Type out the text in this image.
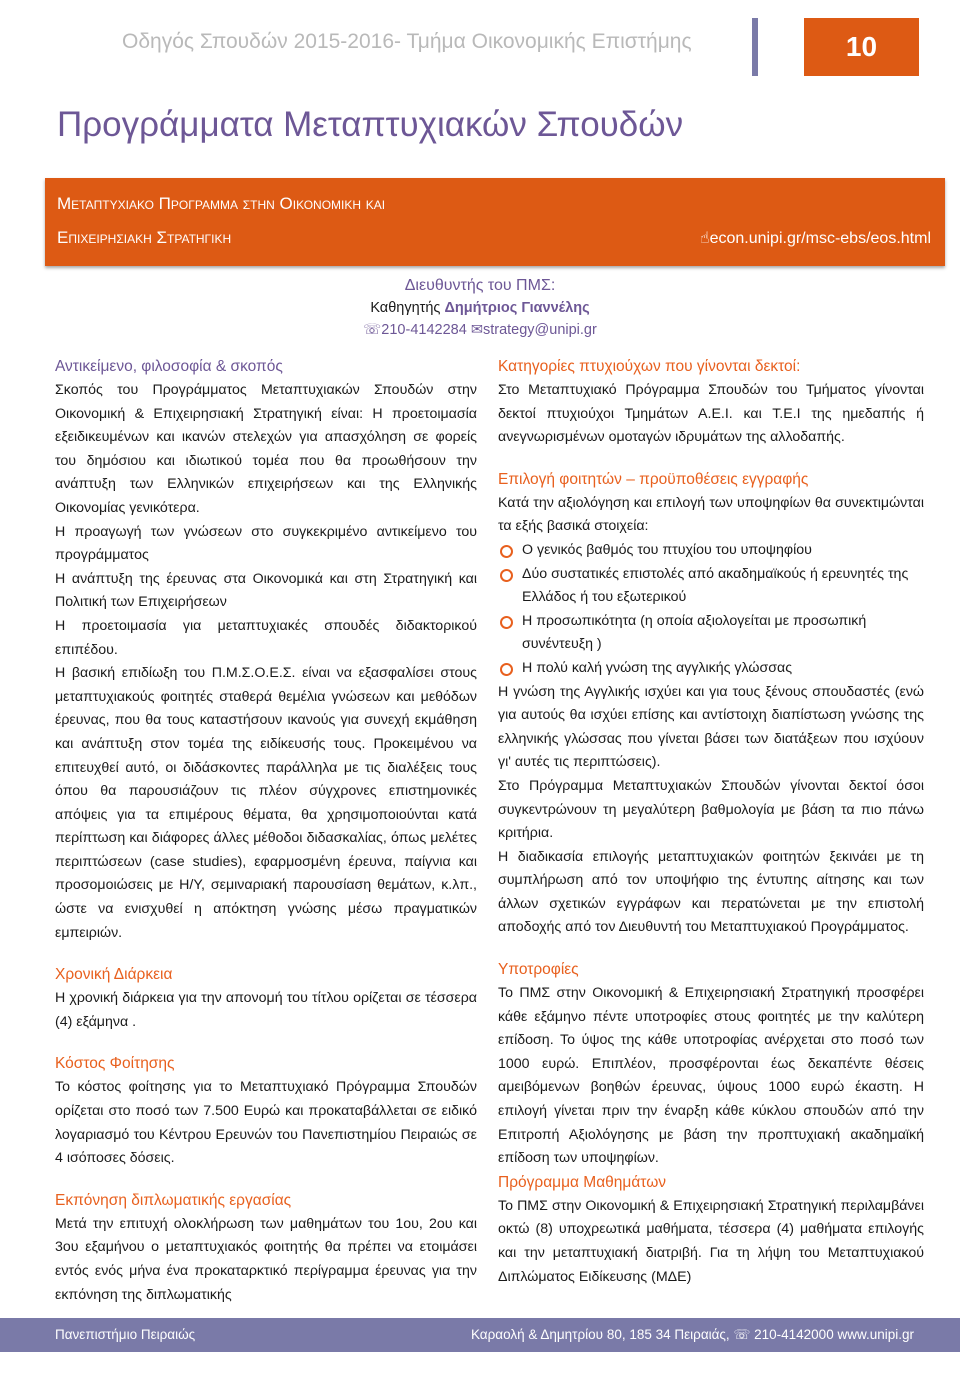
Οδηγός Σπουδών 2015-2016- Τμήμα Οικονομικής Επιστήμης	10
Προγράμματα Μεταπτυχιακών Σπουδών
Μεταπτυχιακο Προγραμμα στην Οικονομικη και
Επιχειρησιακη Στρατηγικη	☝econ.unipi.gr/msc-ebs/eos.html
Διευθυντής του ΠΜΣ:
Καθηγητής Δημήτριος Γιαννέλης
☏210-4142284 ✉strategy@unipi.gr
Αντικείμενο, φιλοσοφία & σκοπός
Σκοπός του Προγράμματος Μεταπτυχιακών Σπουδών στην Οικονομική & Επιχειρησιακή Στρατηγική είναι: Η προετοιμασία εξειδικευμένων και ικανών στελεχών για απασχόληση σε φορείς του δημόσιου και ιδιωτικού τομέα που θα προωθήσουν την ανάπτυξη των Ελληνικών επιχειρήσεων και της Ελληνικής Οικονομίας γενικότερα.
Η προαγωγή των γνώσεων στο συγκεκριμένο αντικείμενο του προγράμματος
Η ανάπτυξη της έρευνας στα Οικονομικά και στη Στρατηγική και Πολιτική των Επιχειρήσεων
Η προετοιμασία για μεταπτυχιακές σπουδές διδακτορικού επιπέδου.
Η βασική επιδίωξη του Π.Μ.Σ.Ο.Ε.Σ. είναι να εξασφαλίσει στους μεταπτυχιακούς φοιτητές σταθερά θεμέλια γνώσεων και μεθόδων έρευνας, που θα τους καταστήσουν ικανούς για συνεχή εκμάθηση και ανάπτυξη στον τομέα της ειδίκευσής τους. Προκειμένου να επιτευχθεί αυτό, οι διδάσκοντες παράλληλα με τις διαλέξεις τους όπου θα παρουσιάζουν τις πλέον σύγχρονες επιστημονικές απόψεις για τα επιμέρους θέματα, θα χρησιμοποιούνται κατά περίπτωση και διάφορες άλλες μέθοδοι διδασκαλίας, όπως μελέτες περιπτώσεων (case studies), εφαρμοσμένη έρευνα, παίγνια και προσομοιώσεις με Η/Υ, σεμιναριακή παρουσίαση θεμάτων, κ.λπ., ώστε να ενισχυθεί η απόκτηση γνώσης μέσω πραγματικών εμπειριών.
Χρονική Διάρκεια
Η χρονική διάρκεια για την απονομή του τίτλου ορίζεται σε τέσσερα (4) εξάμηνα .
Κόστος Φοίτησης
Το κόστος φοίτησης για το Μεταπτυχιακό Πρόγραμμα Σπουδών ορίζεται στο ποσό των 7.500 Ευρώ και προκαταβάλλεται σε ειδικό λογαριασμό του Κέντρου Ερευνών του Πανεπιστημίου Πειραιώς σε 4 ισόποσες δόσεις.
Εκπόνηση διπλωματικής εργασίας
Μετά την επιτυχή ολοκλήρωση των μαθημάτων του 1ου, 2ου και 3ου εξαμήνου ο μεταπτυχιακός φοιτητής θα πρέπει να ετοιμάσει εντός ενός μήνα ένα προκαταρκτικό περίγραμμα έρευνας για την εκπόνηση της διπλωματικής
Κατηγορίες πτυχιούχων που γίνονται δεκτοί:
Στο Μεταπτυχιακό Πρόγραμμα Σπουδών του Τμήματος γίνονται δεκτοί πτυχιούχοι Τμημάτων Α.Ε.Ι. και Τ.Ε.Ι της ημεδαπής ή ανεγνωρισμένων ομοταγών ιδρυμάτων της αλλοδαπής.
Επιλογή φοιτητών – προϋποθέσεις εγγραφής
Κατά την αξιολόγηση και επιλογή των υποψηφίων θα συνεκτιμώνται τα εξής βασικά στοιχεία:
Ο γενικός βαθμός του πτυχίου του υποψηφίου
Δύο συστατικές επιστολές από ακαδημαϊκούς ή ερευνητές της Ελλάδος ή του εξωτερικού
Η προσωπικότητα (η οποία αξιολογείται με προσωπική συνέντευξη )
Η πολύ καλή γνώση της αγγλικής γλώσσας
Η γνώση της Αγγλικής ισχύει και για τους ξένους σπουδαστές (ενώ για αυτούς θα ισχύει επίσης και αντίστοιχη διαπίστωση γνώσης της ελληνικής γλώσσας που γίνεται βάσει των διατάξεων που ισχύουν γι' αυτές τις περιπτώσεις).
Στο Πρόγραμμα Μεταπτυχιακών Σπουδών γίνονται δεκτοί όσοι συγκεντρώνουν τη μεγαλύτερη βαθμολογία με βάση τα πιο πάνω κριτήρια.
Η διαδικασία επιλογής μεταπτυχιακών φοιτητών ξεκινάει με τη συμπλήρωση από τον υποψήφιο της έντυπης αίτησης και των άλλων σχετικών εγγράφων και περατώνεται με την επιστολή αποδοχής από τον Διευθυντή του Μεταπτυχιακού Προγράμματος.
Υποτροφίες
Το ΠΜΣ στην Οικονομική & Επιχειρησιακή Στρατηγική προσφέρει κάθε εξάμηνο πέντε υποτροφίες στους φοιτητές με την καλύτερη επίδοση. Το ύψος της κάθε υποτροφίας ανέρχεται στο ποσό των 1000 ευρώ. Επιπλέον, προσφέρονται έως δεκαπέντε θέσεις αμειβόμενων βοηθών έρευνας, ύψους 1000 ευρώ έκαστη. Η επιλογή γίνεται πριν την έναρξη κάθε κύκλου σπουδών από την Επιτροπή Αξιολόγησης με βάση την προπτυχιακή ακαδημαϊκή επίδοση των υποψηφίων.
Πρόγραμμα Μαθημάτων
Το ΠΜΣ στην Οικονομική & Επιχειρησιακή Στρατηγική περιλαμβάνει οκτώ (8) υποχρεωτικά μαθήματα, τέσσερα (4) μαθήματα επιλογής και την μεταπτυχιακή διατριβή. Για τη λήψη του Μεταπτυχιακού Διπλώματος Ειδίκευσης (ΜΔΕ)
Πανεπιστήμιο Πειραιώς	Καραολή & Δημητρίου 80, 185 34 Πειραιάς, ☏ 210-4142000 www.unipi.gr
